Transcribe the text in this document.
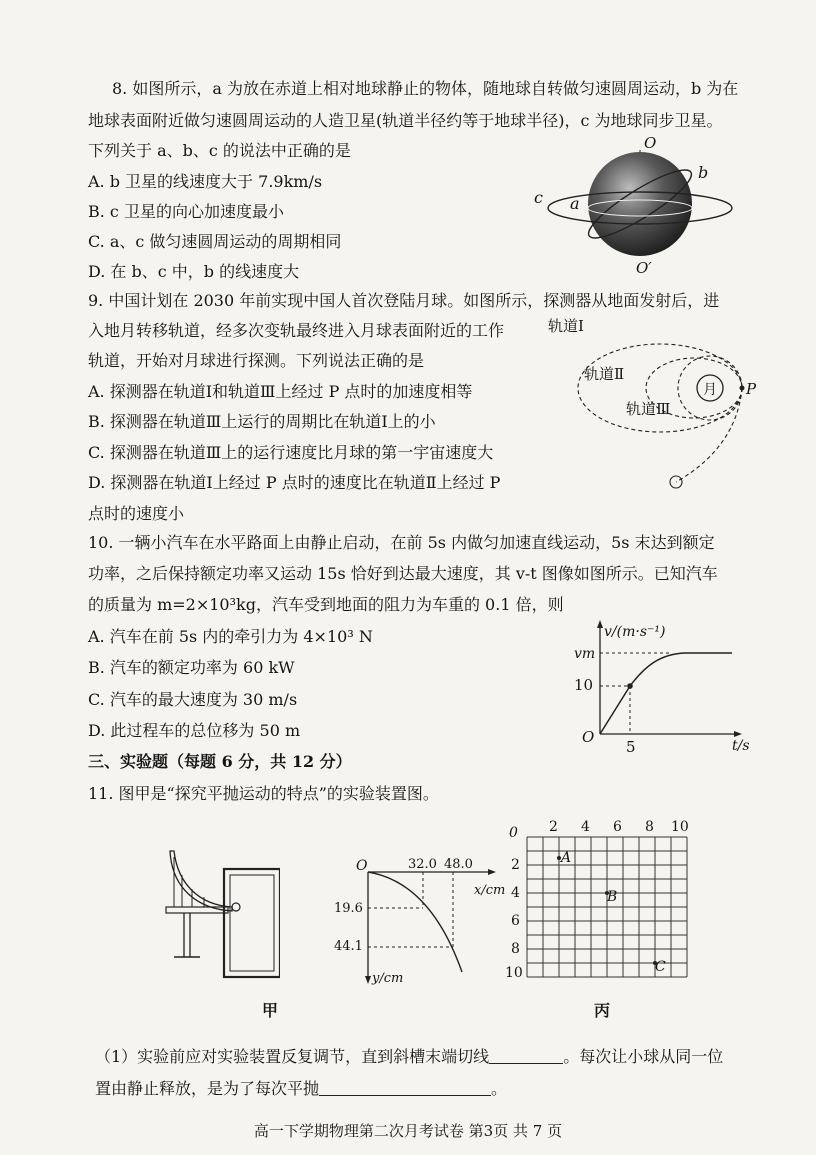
8. 如图所示，a 为放在赤道上相对地球静止的物体，随地球自转做匀速圆周运动，b 为在
地球表面附近做匀速圆周运动的人造卫星(轨道半径约等于地球半径)，c 为地球同步卫星。
下列关于 a、b、c 的说法中正确的是
A. b 卫星的线速度大于 7.9km/s
B. c 卫星的向心加速度最小
C. a、c 做匀速圆周运动的周期相同
D. 在 b、c 中，b 的线速度大
O
O′
c a
b
9. 中国计划在 2030 年前实现中国人首次登陆月球。如图所示，探测器从地面发射后，进
入地月转移轨道，经多次变轨最终进入月球表面附近的工作
轨道，开始对月球进行探测。下列说法正确的是
A. 探测器在轨道Ⅰ和轨道Ⅲ上经过 P 点时的加速度相等
B. 探测器在轨道Ⅲ上运行的周期比在轨道Ⅰ上的小
C. 探测器在轨道Ⅲ上的运行速度比月球的第一宇宙速度大
D. 探测器在轨道Ⅰ上经过 P 点时的速度比在轨道Ⅱ上经过 P
点时的速度小
轨道Ⅰ
月 P
轨道Ⅱ
轨道Ⅲ
10. 一辆小汽车在水平路面上由静止启动，在前 5s 内做匀加速直线运动，5s 末达到额定
功率，之后保持额定功率又运动 15s 恰好到达最大速度，其 v-t 图像如图所示。已知汽车
的质量为 m=2×10³kg，汽车受到地面的阻力为车重的 0.1 倍，则
A. 汽车在前 5s 内的牵引力为 4×10³ N
B. 汽车的额定功率为 60 kW
C. 汽车的最大速度为 30 m/s
D. 此过程车的总位移为 50 m
v/(m·s⁻¹)
t/s
vm
10
5
O
三、实验题（每题 6 分，共 12 分）
11. 图甲是“探究平抛运动的特点”的实验装置图。
甲
O	32.0 48.0
x/cm
19.6
44.1
y/cm
0 2 4 6 8 10
2
4
6
8
10
A
B
C
丙
（1）实验前应对实验装置反复调节，直到斜槽末端切线	。每次让小球从同一位
置由静止释放，是为了每次平抛	。
高一下学期物理第二次月考试卷 第3页 共 7 页
